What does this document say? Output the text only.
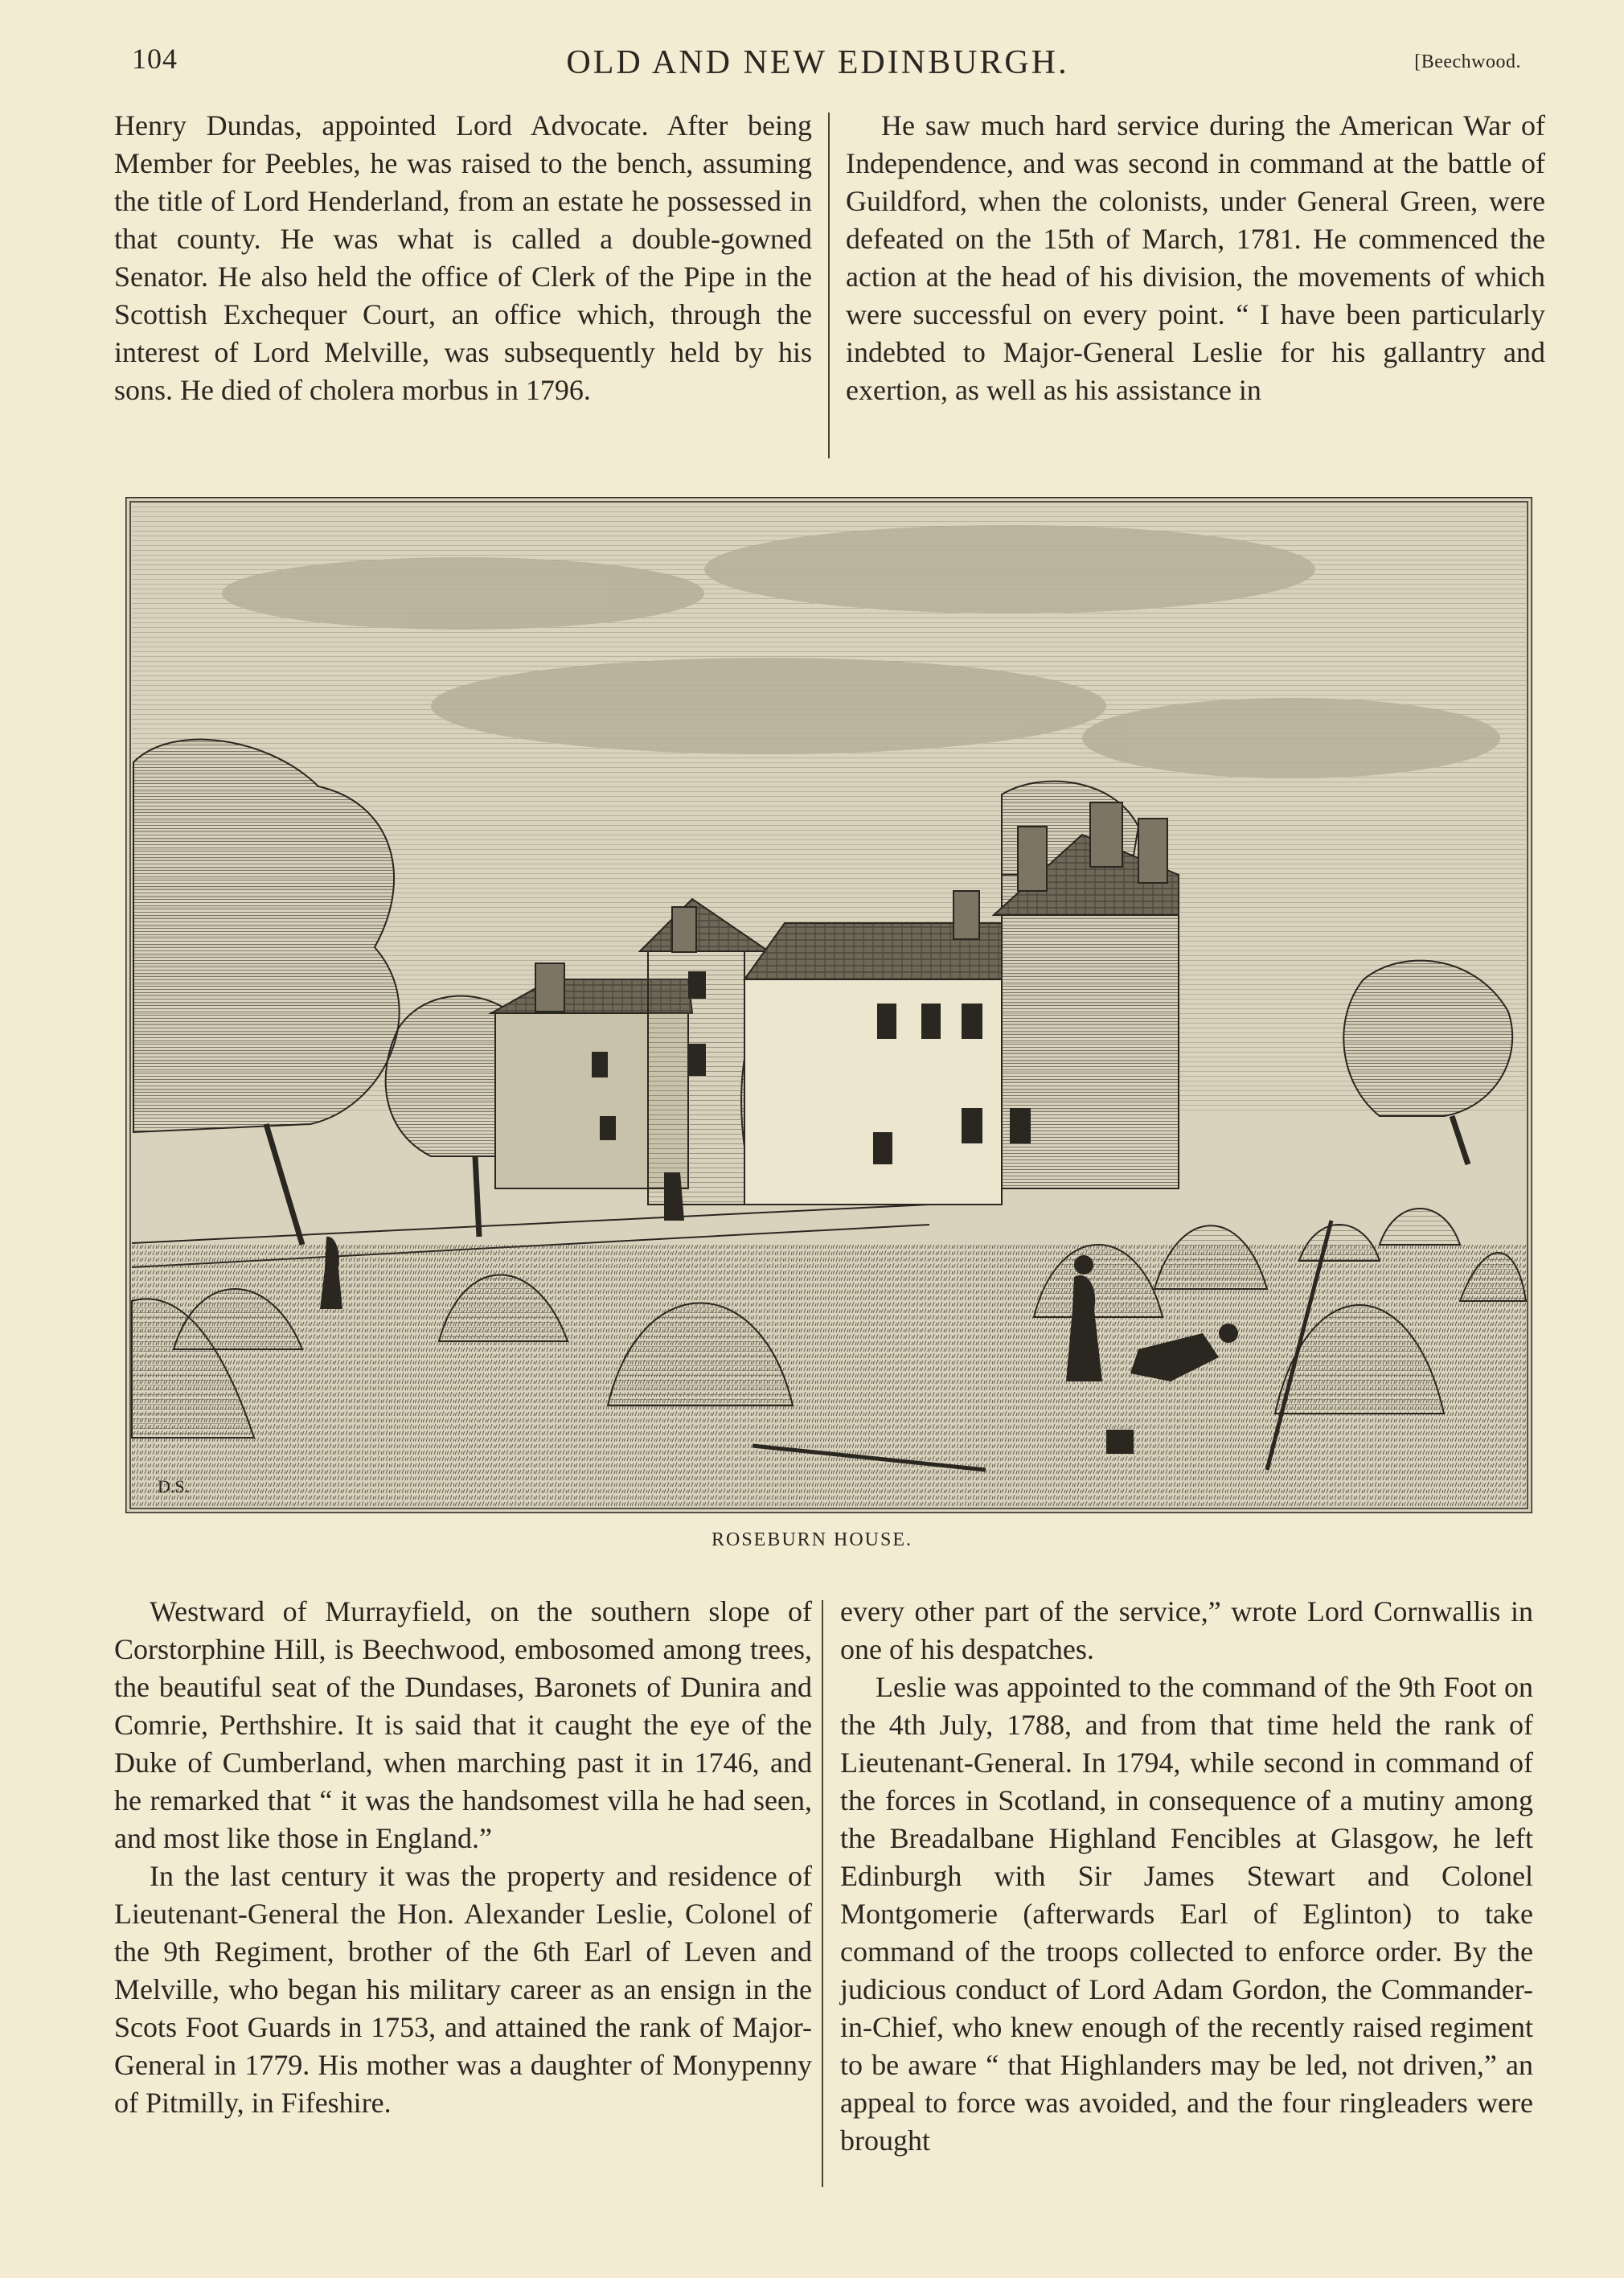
104	OLD AND NEW EDINBURGH.	[Beechwood.

Henry Dundas, appointed Lord Advocate. After being Member for Peebles, he was raised to the bench, assuming the title of Lord Henderland, from an estate he possessed in that county. He was what is called a double-gowned Senator. He also held the office of Clerk of the Pipe in the Scottish Exchequer Court, an office which, through the interest of Lord Melville, was subsequently held by his sons. He died of cholera morbus in 1796.

He saw much hard service during the American War of Independence, and was second in command at the battle of Guildford, when the colonists, under General Green, were defeated on the 15th of March, 1781. He commenced the action at the head of his division, the movements of which were successful on every point. “ I have been particularly indebted to Major-General Leslie for his gallantry and exertion, as well as his assistance in

D.S.
ROSEBURN HOUSE.

Westward of Murrayfield, on the southern slope of Corstorphine Hill, is Beechwood, embosomed among trees, the beautiful seat of the Dundases, Baronets of Dunira and Comrie, Perthshire. It is said that it caught the eye of the Duke of Cumberland, when marching past it in 1746, and he remarked that “ it was the handsomest villa he had seen, and most like those in England.”

In the last century it was the property and residence of Lieutenant-General the Hon. Alexander Leslie, Colonel of the 9th Regiment, brother of the 6th Earl of Leven and Melville, who began his military career as an ensign in the Scots Foot Guards in 1753, and attained the rank of Major-General in 1779. His mother was a daughter of Monypenny of Pitmilly, in Fifeshire.

every other part of the service,” wrote Lord Cornwallis in one of his despatches.

Leslie was appointed to the command of the 9th Foot on the 4th July, 1788, and from that time held the rank of Lieutenant-General. In 1794, while second in command of the forces in Scotland, in consequence of a mutiny among the Breadalbane Highland Fencibles at Glasgow, he left Edinburgh with Sir James Stewart and Colonel Montgomerie (afterwards Earl of Eglinton) to take command of the troops collected to enforce order. By the judicious conduct of Lord Adam Gordon, the Commander-in-Chief, who knew enough of the recently raised regiment to be aware “ that Highlanders may be led, not driven,” an appeal to force was avoided, and the four ringleaders were brought
